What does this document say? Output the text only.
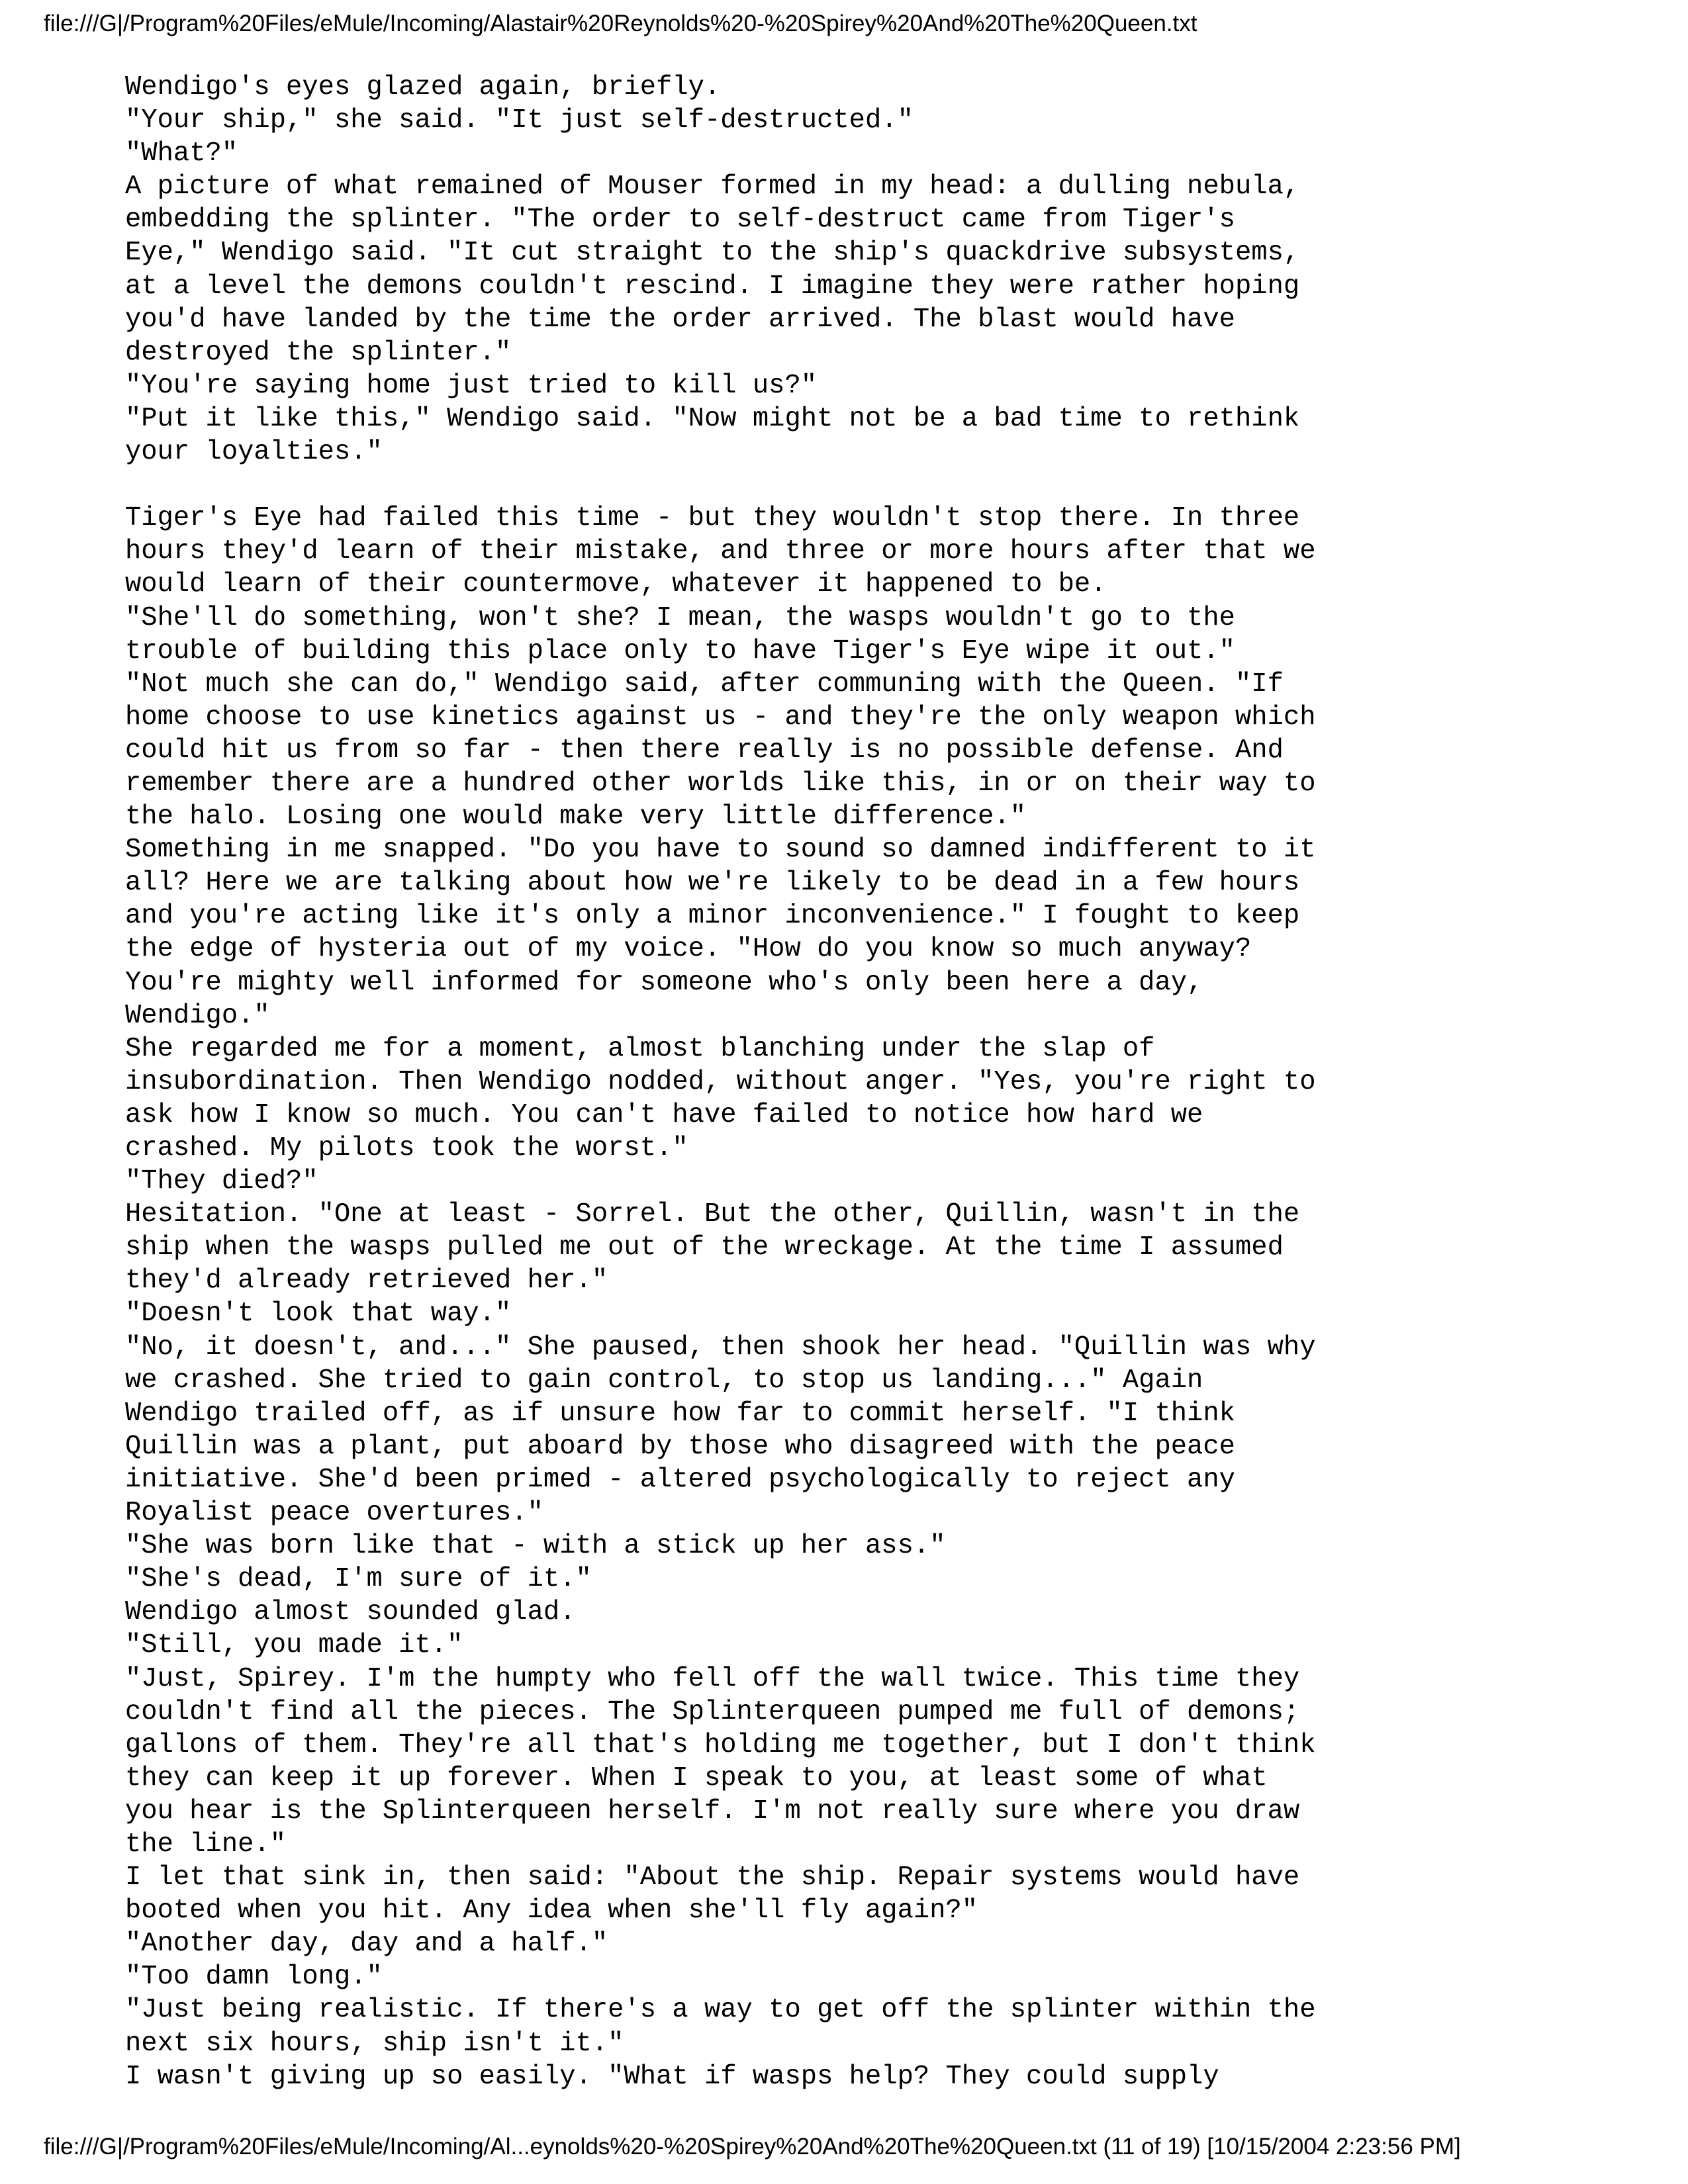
file:///G|/Program%20Files/eMule/Incoming/Alastair%20Reynolds%20-%20Spirey%20And%20The%20Queen.txt
Wendigo's eyes glazed again, briefly.
"Your ship," she said. "It just self-destructed."
"What?"
A picture of what remained of Mouser formed in my head: a dulling nebula,
embedding the splinter. "The order to self-destruct came from Tiger's
Eye," Wendigo said. "It cut straight to the ship's quackdrive subsystems,
at a level the demons couldn't rescind. I imagine they were rather hoping
you'd have landed by the time the order arrived. The blast would have
destroyed the splinter."
"You're saying home just tried to kill us?"
"Put it like this," Wendigo said. "Now might not be a bad time to rethink
your loyalties."
Tiger's Eye had failed this time - but they wouldn't stop there. In three
hours they'd learn of their mistake, and three or more hours after that we
would learn of their countermove, whatever it happened to be.
"She'll do something, won't she? I mean, the wasps wouldn't go to the
trouble of building this place only to have Tiger's Eye wipe it out."
"Not much she can do," Wendigo said, after communing with the Queen. "If
home choose to use kinetics against us - and they're the only weapon which
could hit us from so far - then there really is no possible defense. And
remember there are a hundred other worlds like this, in or on their way to
the halo. Losing one would make very little difference."
Something in me snapped. "Do you have to sound so damned indifferent to it
all? Here we are talking about how we're likely to be dead in a few hours
and you're acting like it's only a minor inconvenience." I fought to keep
the edge of hysteria out of my voice. "How do you know so much anyway?
You're mighty well informed for someone who's only been here a day,
Wendigo."
She regarded me for a moment, almost blanching under the slap of
insubordination. Then Wendigo nodded, without anger. "Yes, you're right to
ask how I know so much. You can't have failed to notice how hard we
crashed. My pilots took the worst."
"They died?"
Hesitation. "One at least - Sorrel. But the other, Quillin, wasn't in the
ship when the wasps pulled me out of the wreckage. At the time I assumed
they'd already retrieved her."
"Doesn't look that way."
"No, it doesn't, and..." She paused, then shook her head. "Quillin was why
we crashed. She tried to gain control, to stop us landing..." Again
Wendigo trailed off, as if unsure how far to commit herself. "I think
Quillin was a plant, put aboard by those who disagreed with the peace
initiative. She'd been primed - altered psychologically to reject any
Royalist peace overtures."
"She was born like that - with a stick up her ass."
"She's dead, I'm sure of it."
Wendigo almost sounded glad.
"Still, you made it."
"Just, Spirey. I'm the humpty who fell off the wall twice. This time they
couldn't find all the pieces. The Splinterqueen pumped me full of demons;
gallons of them. They're all that's holding me together, but I don't think
they can keep it up forever. When I speak to you, at least some of what
you hear is the Splinterqueen herself. I'm not really sure where you draw
the line."
I let that sink in, then said: "About the ship. Repair systems would have
booted when you hit. Any idea when she'll fly again?"
"Another day, day and a half."
"Too damn long."
"Just being realistic. If there's a way to get off the splinter within the
next six hours, ship isn't it."
I wasn't giving up so easily. "What if wasps help? They could supply
file:///G|/Program%20Files/eMule/Incoming/Al...eynolds%20-%20Spirey%20And%20The%20Queen.txt (11 of 19) [10/15/2004 2:23:56 PM]
